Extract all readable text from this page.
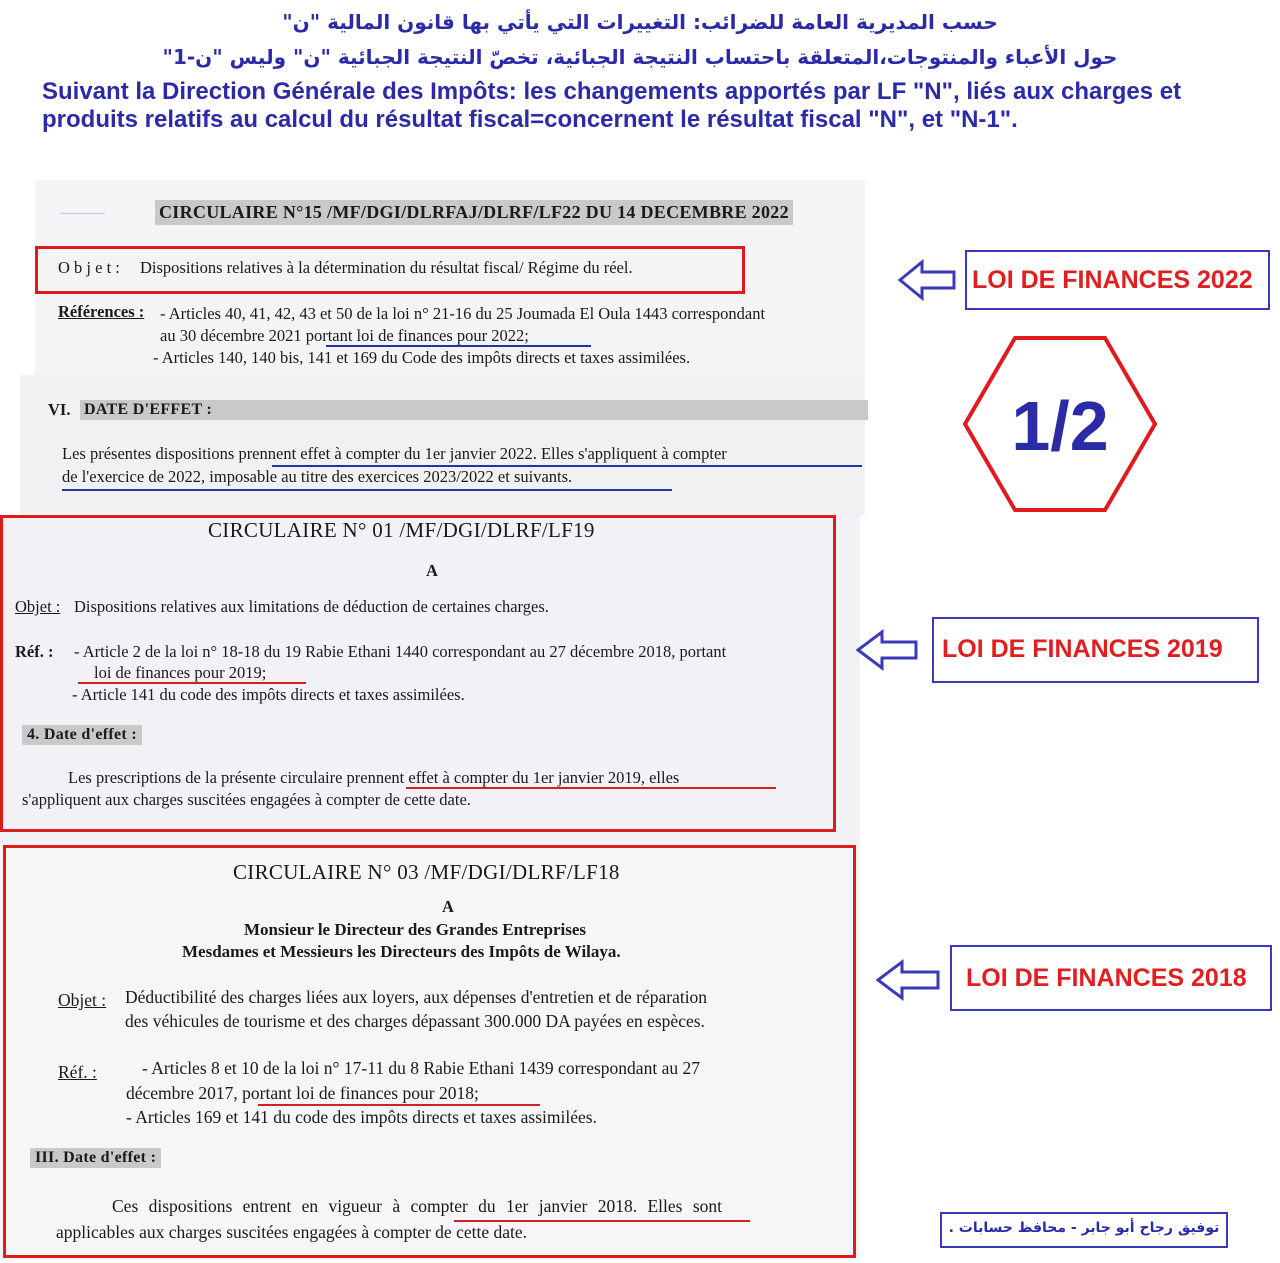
حسب المديرية العامة للضرائب: التغييرات التي يأتي بها قانون المالية "ن"
حول الأعباء والمنتوجات،المتعلقة باحتساب النتيجة الجبائية، تخصّ النتيجة الجبائية "ن" وليس "ن-1"
Suivant la Direction Générale des Impôts: les changements apportés par LF "N", liés aux charges et produits relatifs au calcul du résultat fiscal=concernent le résultat fiscal "N", et "N-1".
———	CIRCULAIRE N°15 /MF/DGI/DLRFAJ/DLRF/LF22 DU 14 DECEMBRE 2022
O b j e t : Dispositions relatives à la détermination du résultat fiscal/ Régime du réel.
Références : - Articles 40, 41, 42, 43 et 50 de la loi n° 21-16 du 25 Joumada El Oula 1443 correspondant
au 30 décembre 2021 portant loi de finances pour 2022;
- Articles 140, 140 bis, 141 et 169 du Code des impôts directs et taxes assimilées.
VI. DATE D'EFFET :
Les présentes dispositions prennent effet à compter du 1er janvier 2022. Elles s'appliquent à compter
de l'exercice de 2022, imposable au titre des exercices 2023/2022 et suivants.
CIRCULAIRE N° 01 /MF/DGI/DLRF/LF19
A
Objet : Dispositions relatives aux limitations de déduction de certaines charges.
Réf. : - Article 2 de la loi n° 18-18 du 19 Rabie Ethani 1440 correspondant au 27 décembre 2018, portant
loi de finances pour 2019;
- Article 141 du code des impôts directs et taxes assimilées.
4. Date d'effet :
Les prescriptions de la présente circulaire prennent effet à compter du 1er janvier 2019, elles
s'appliquent aux charges suscitées engagées à compter de cette date.
CIRCULAIRE N° 03 /MF/DGI/DLRF/LF18
A
Monsieur le Directeur des Grandes Entreprises
Mesdames et Messieurs les Directeurs des Impôts de Wilaya.
Objet : Déductibilité des charges liées aux loyers, aux dépenses d'entretien et de réparation
des véhicules de tourisme et des charges dépassant 300.000 DA payées en espèces.
Réf. :	- Articles 8 et 10 de la loi n° 17-11 du 8 Rabie Ethani 1439 correspondant au 27
décembre 2017, portant loi de finances pour 2018;
- Articles 169 et 141 du code des impôts directs et taxes assimilées.
III. Date d'effet :
Ces dispositions entrent en vigueur à compter du 1er janvier 2018. Elles sont
applicables aux charges suscitées engagées à compter de cette date.
LOI DE FINANCES 2022
1/2
LOI DE FINANCES 2019
LOI DE FINANCES 2018
توفيق رجاح أبو جابر - محافظ حسابات .
